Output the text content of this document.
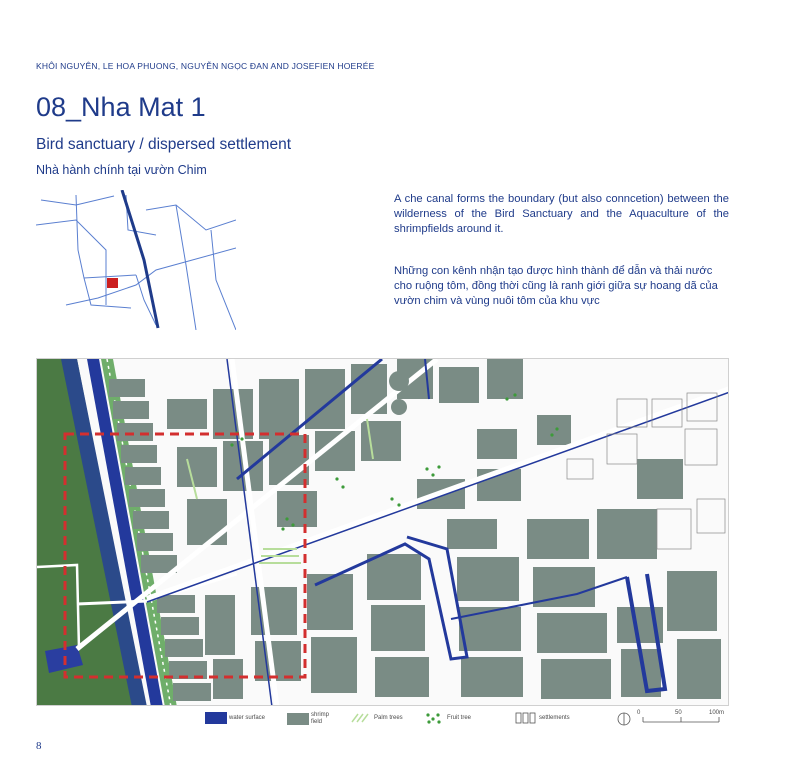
KHÔI NGUYÊN, LE HOA PHUONG, NGUYỄN NGỌC ĐAN AND JOSEFIEN HOERÉE
08_Nha Mat 1
Bird sanctuary / dispersed settlement
Nhà hành chính tại vườn Chim
A che canal forms the boundary (but also conncetion) between the wilderness of the Bird Sanctuary and the Aquaculture of the shrimpfields around it.
Những con kênh nhận tạo được hình thành để dẫn và thải nước cho ruộng tôm, đồng thời cũng là ranh giới giữa sự hoang dã của vườn chim và vùng nuôi tôm của khu vực
water surface	shrimp field
Palm trees	Fruit tree	settlements
0	50	100m
8
